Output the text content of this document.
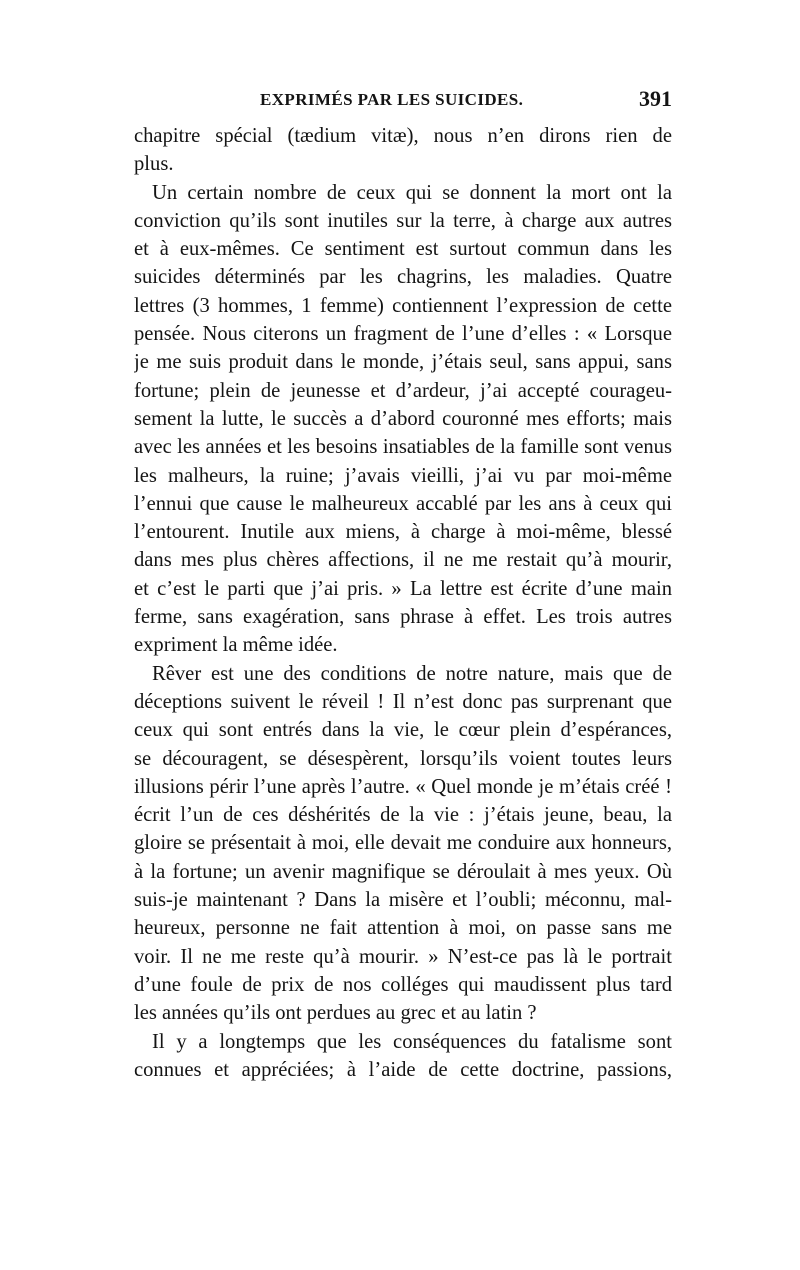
EXPRIMÉS PAR LES SUICIDES.	391
chapitre spécial (tædium vitæ), nous n’en dirons rien de
plus.
Un certain nombre de ceux qui se donnent la mort ont la
conviction qu’ils sont inutiles sur la terre, à charge aux autres
et à eux-mêmes. Ce sentiment est surtout commun dans les
suicides déterminés par les chagrins, les maladies. Quatre
lettres (3 hommes, 1 femme) contiennent l’expression de cette
pensée. Nous citerons un fragment de l’une d’elles : « Lorsque
je me suis produit dans le monde, j’étais seul, sans appui, sans
fortune; plein de jeunesse et d’ardeur, j’ai accepté courageu-
sement la lutte, le succès a d’abord couronné mes efforts; mais
avec les années et les besoins insatiables de la famille sont venus
les malheurs, la ruine; j’avais vieilli, j’ai vu par moi-même
l’ennui que cause le malheureux accablé par les ans à ceux qui
l’entourent. Inutile aux miens, à charge à moi-même, blessé
dans mes plus chères affections, il ne me restait qu’à mourir,
et c’est le parti que j’ai pris. » La lettre est écrite d’une main
ferme, sans exagération, sans phrase à effet. Les trois autres
expriment la même idée.
Rêver est une des conditions de notre nature, mais que de
déceptions suivent le réveil ! Il n’est donc pas surprenant que
ceux qui sont entrés dans la vie, le cœur plein d’espérances,
se découragent, se désespèrent, lorsqu’ils voient toutes leurs
illusions périr l’une après l’autre. « Quel monde je m’étais créé !
écrit l’un de ces déshérités de la vie : j’étais jeune, beau, la
gloire se présentait à moi, elle devait me conduire aux honneurs,
à la fortune; un avenir magnifique se déroulait à mes yeux. Où
suis-je maintenant ? Dans la misère et l’oubli; méconnu, mal-
heureux, personne ne fait attention à moi, on passe sans me
voir. Il ne me reste qu’à mourir. » N’est-ce pas là le portrait
d’une foule de prix de nos colléges qui maudissent plus tard
les années qu’ils ont perdues au grec et au latin ?
Il y a longtemps que les conséquences du fatalisme sont
connues et appréciées; à l’aide de cette doctrine, passions,
